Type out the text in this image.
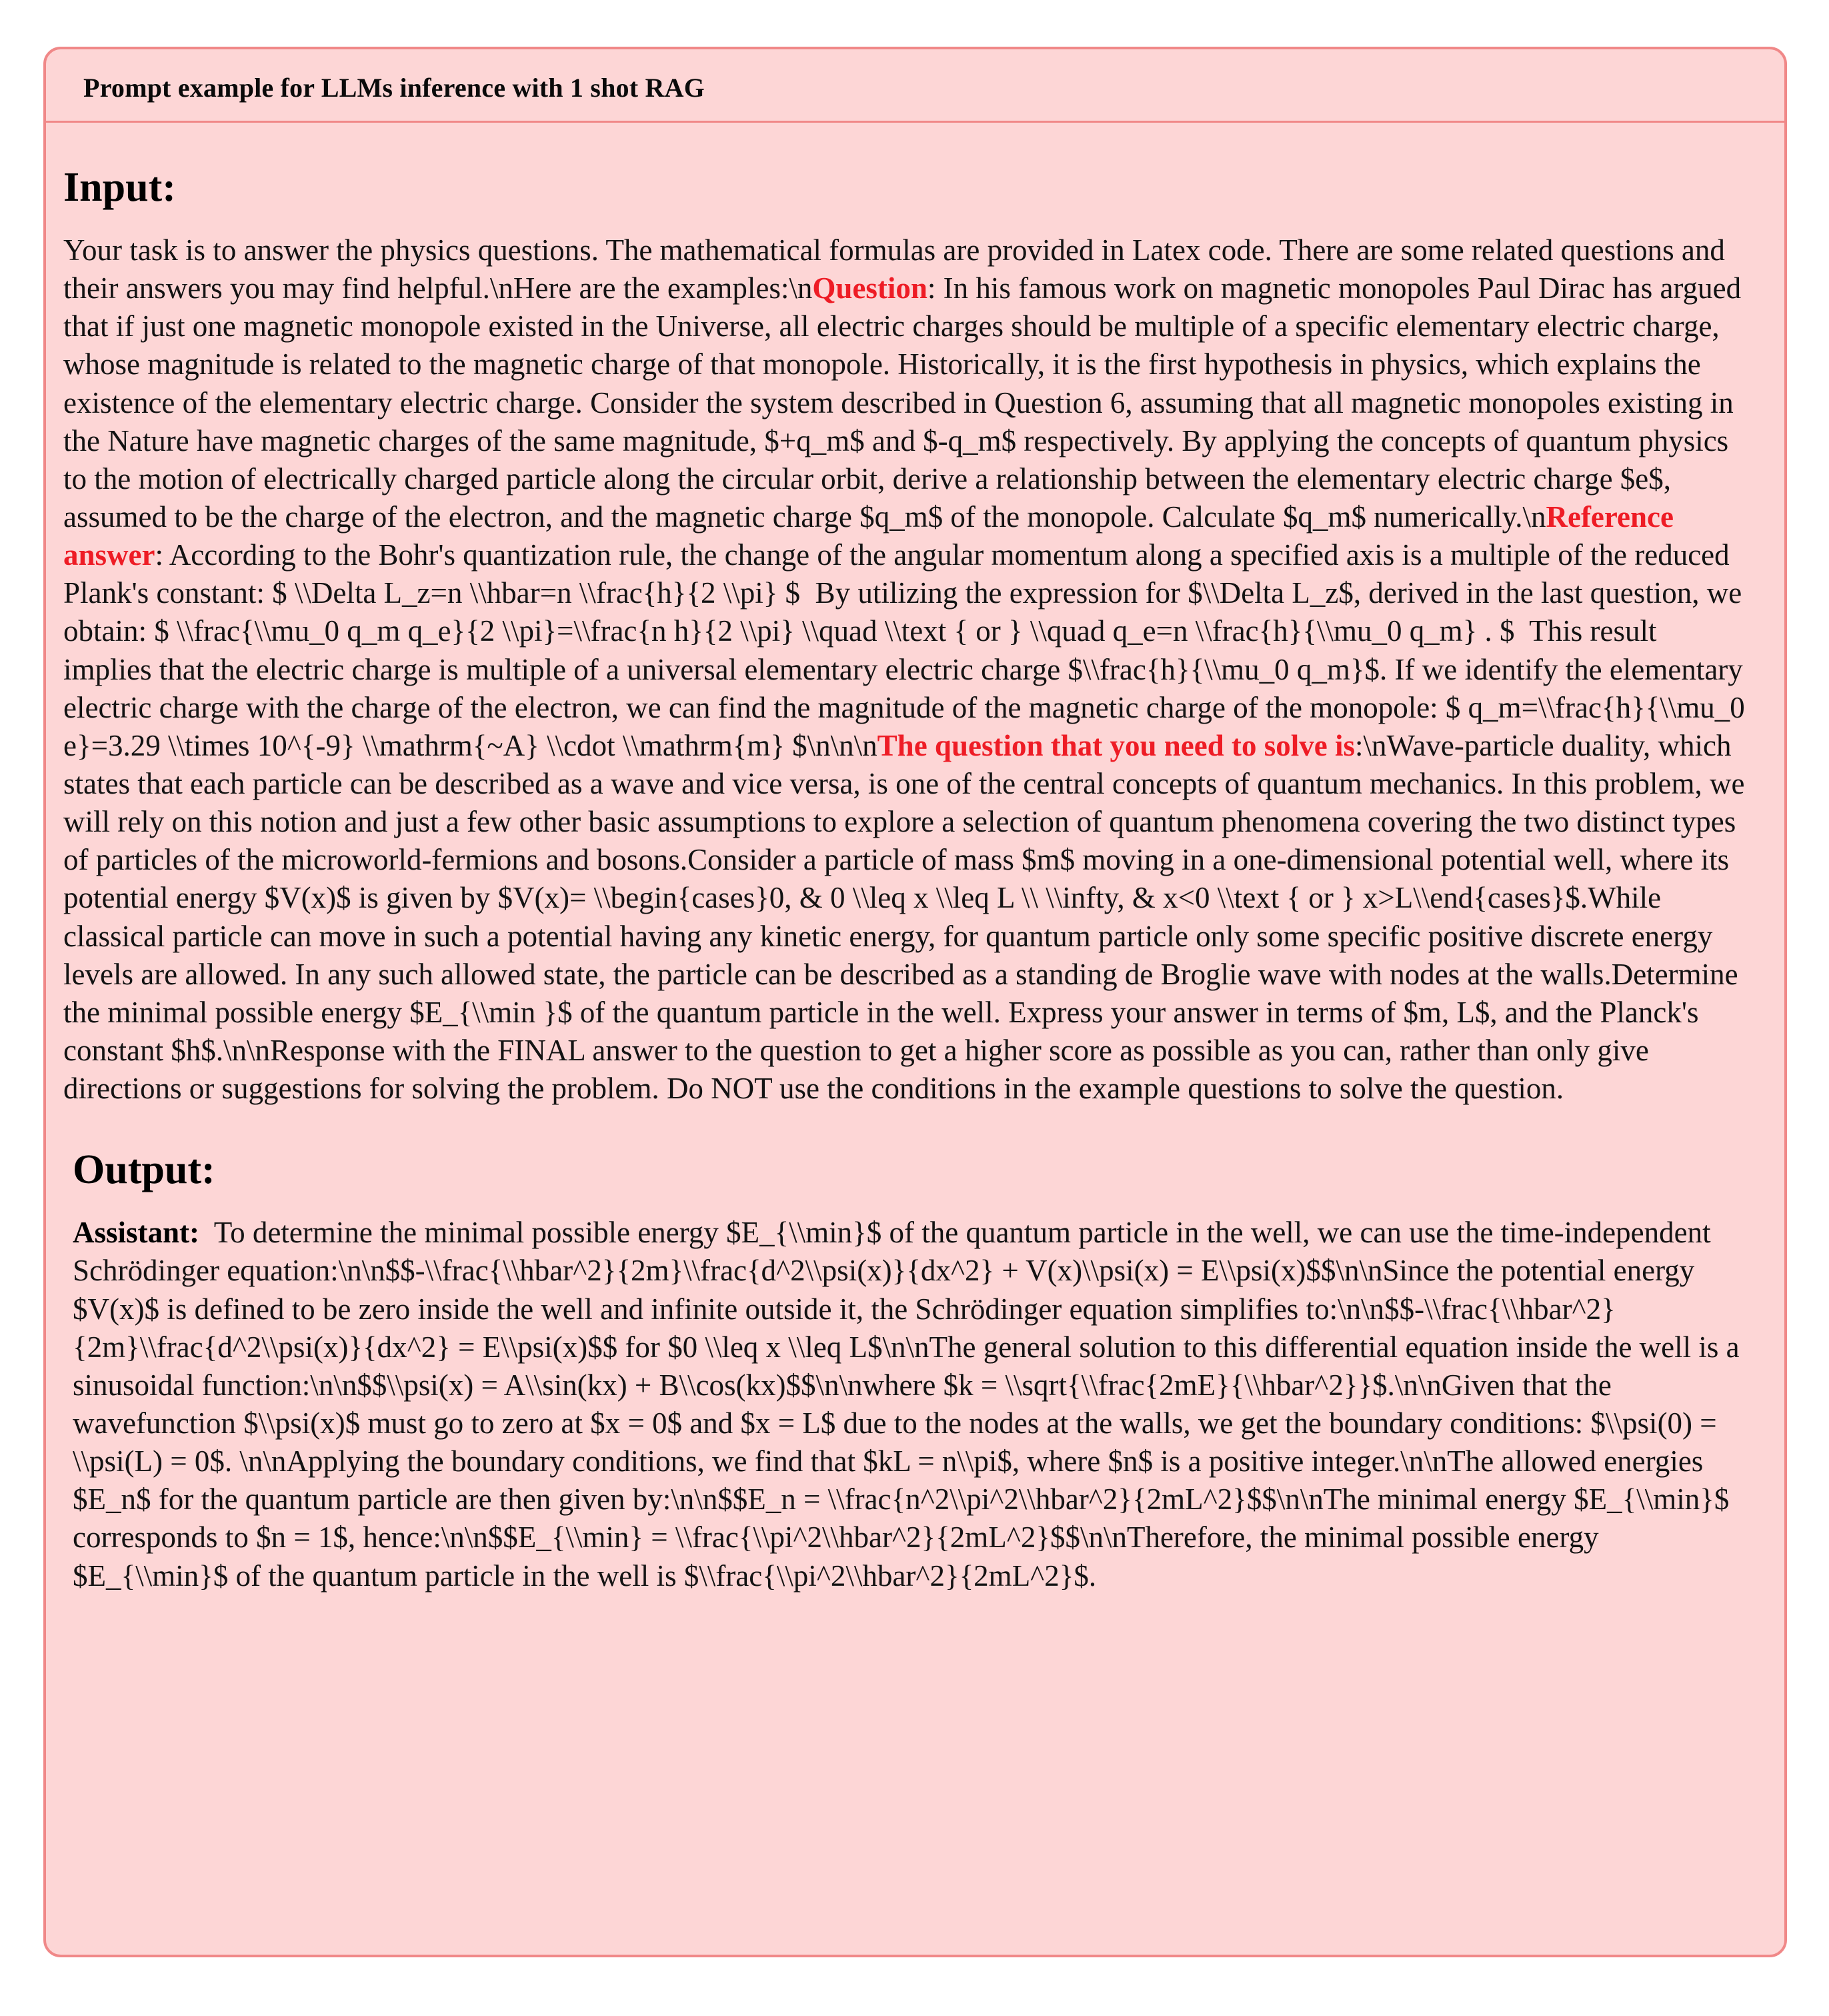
Prompt example for LLMs inference with 1 shot RAG
Input:

Your task is to answer the physics questions. The mathematical formulas are provided in Latex code. There are some related questions and their answers you may find helpful.\nHere are the examples:\nQuestion: In his famous work on magnetic monopoles Paul Dirac has argued that if just one magnetic monopole existed in the Universe, all electric charges should be multiple of a specific elementary electric charge, whose magnitude is related to the magnetic charge of that monopole. Historically, it is the first hypothesis in physics, which explains the existence of the elementary electric charge. Consider the system described in Question 6, assuming that all magnetic monopoles existing in the Nature have magnetic charges of the same magnitude, $+q_m$ and $-q_m$ respectively. By applying the concepts of quantum physics to the motion of electrically charged particle along the circular orbit, derive a relationship between the elementary electric charge $e$, assumed to be the charge of the electron, and the magnetic charge $q_m$ of the monopole. Calculate $q_m$ numerically.\nReference answer: According to the Bohr's quantization rule, the change of the angular momentum along a specified axis is a multiple of the reduced Plank's constant: $ \\Delta L_z=n \\hbar=n \\frac{h}{2 \\pi} $  By utilizing the expression for $\\Delta L_z$, derived in the last question, we obtain: $ \\frac{\\mu_0 q_m q_e}{2 \\pi}=\\frac{n h}{2 \\pi} \\quad \\text { or } \\quad q_e=n \\frac{h}{\\mu_0 q_m} . $  This result implies that the electric charge is multiple of a universal elementary electric charge $\\frac{h}{\\mu_0 q_m}$. If we identify the elementary electric charge with the charge of the electron, we can find the magnitude of the magnetic charge of the monopole: $ q_m=\\frac{h}{\\mu_0 e}=3.29 \\times 10^{-9} \\mathrm{~A} \\cdot \\mathrm{m} $\n\n\nThe question that you need to solve is:\nWave-particle duality, which states that each particle can be described as a wave and vice versa, is one of the central concepts of quantum mechanics. In this problem, we will rely on this notion and just a few other basic assumptions to explore a selection of quantum phenomena covering the two distinct types of particles of the microworld-fermions and bosons.Consider a particle of mass $m$ moving in a one-dimensional potential well, where its potential energy $V(x)$ is given by $V(x)= \\begin{cases}0, & 0 \\leq x \\leq L \\ \\infty, & x<0 \\text { or } x>L\\end{cases}$.While classical particle can move in such a potential having any kinetic energy, for quantum particle only some specific positive discrete energy levels are allowed. In any such allowed state, the particle can be described as a standing de Broglie wave with nodes at the walls.Determine the minimal possible energy $E_{\\min }$ of the quantum particle in the well. Express your answer in terms of $m, L$, and the Planck's constant $h$.\n\nResponse with the FINAL answer to the question to get a higher score as possible as you can, rather than only give directions or suggestions for solving the problem. Do NOT use the conditions in the example questions to solve the question.

Output:

Assistant:  To determine the minimal possible energy $E_{\\min}$ of the quantum particle in the well, we can use the time-independent Schrödinger equation:\n\n$$-\\frac{\\hbar^2}{2m}\\frac{d^2\\psi(x)}{dx^2} + V(x)\\psi(x) = E\\psi(x)$$\n\nSince the potential energy $V(x)$ is defined to be zero inside the well and infinite outside it, the Schrödinger equation simplifies to:\n\n$$-\\frac{\\hbar^2}{2m}\\frac{d^2\\psi(x)}{dx^2} = E\\psi(x)$$ for $0 \\leq x \\leq L$\n\nThe general solution to this differential equation inside the well is a sinusoidal function:\n\n$$\\psi(x) = A\\sin(kx) + B\\cos(kx)$$\n\nwhere $k = \\sqrt{\\frac{2mE}{\\hbar^2}}$.\n\nGiven that the wavefunction $\\psi(x)$ must go to zero at $x = 0$ and $x = L$ due to the nodes at the walls, we get the boundary conditions: $\\psi(0) = \\psi(L) = 0$. \n\nApplying the boundary conditions, we find that $kL = n\\pi$, where $n$ is a positive integer.\n\nThe allowed energies $E_n$ for the quantum particle are then given by:\n\n$$E_n = \\frac{n^2\\pi^2\\hbar^2}{2mL^2}$$\n\nThe minimal energy $E_{\\min}$ corresponds to $n = 1$, hence:\n\n$$E_{\\min} = \\frac{\\pi^2\\hbar^2}{2mL^2}$$\n\nTherefore, the minimal possible energy $E_{\\min}$ of the quantum particle in the well is $\\frac{\\pi^2\\hbar^2}{2mL^2}$.
